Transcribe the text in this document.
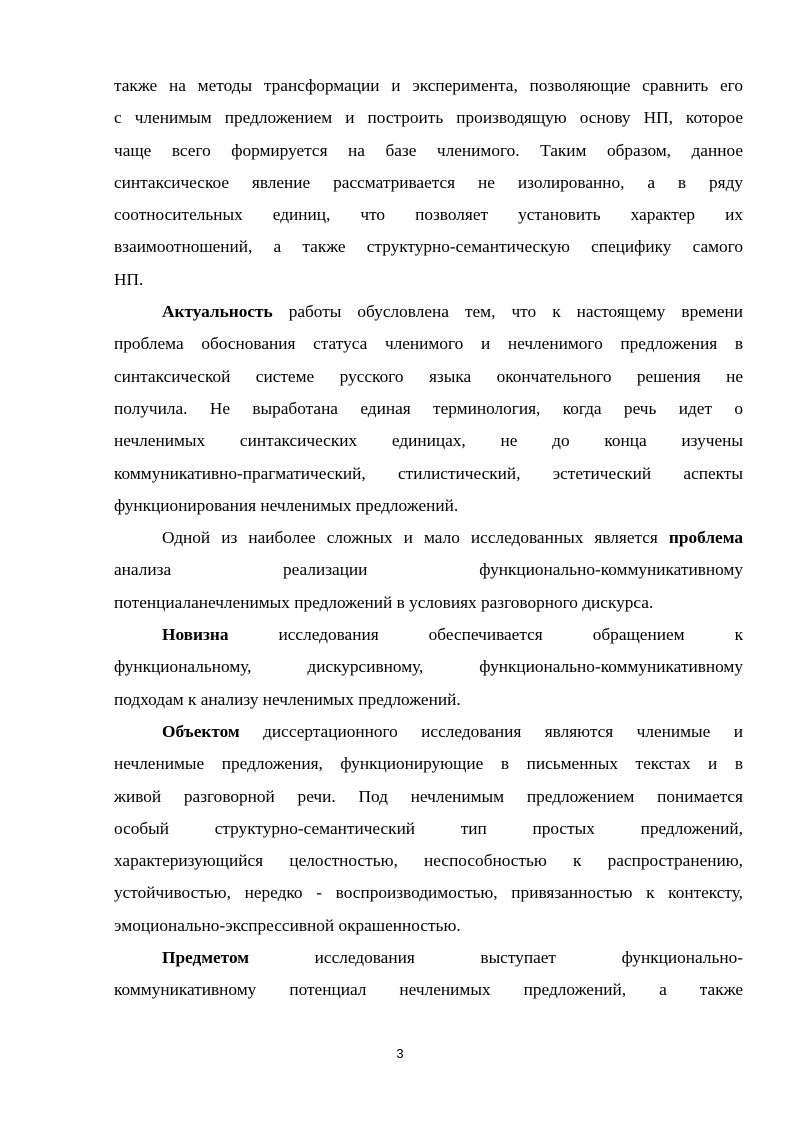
также на методы трансформации и эксперимента, позволяющие сравнить его
с членимым предложением и построить производящую основу НП, которое
чаще всего формируется на базе членимого. Таким образом, данное
синтаксическое явление рассматривается не изолированно, а в ряду
соотносительных единиц, что позволяет установить характер их
взаимоотношений, а также структурно-семантическую специфику самого
НП.
Актуальность работы обусловлена тем, что к настоящему времени
проблема обоснования статуса членимого и нечленимого предложения в
синтаксической системе русского языка окончательного решения не
получила. Не выработана единая терминология, когда речь идет о
нечленимых синтаксических единицах, не до конца изучены
коммуникативно-прагматический, стилистический, эстетический аспекты
функционирования нечленимых предложений.
Одной из наиболее сложных и мало исследованных является проблема
анализа реализации функционально-коммуникативному
потенциаланечленимых предложений в условиях разговорного дискурса.
Новизна исследования обеспечивается обращением к
функциональному, дискурсивному, функционально-коммуникативному
подходам к анализу нечленимых предложений.
Объектом диссертационного исследования являются членимые и
нечленимые предложения, функционирующие в письменных текстах и в
живой разговорной речи. Под нечленимым предложением понимается
особый структурно-семантический тип простых предложений,
характеризующийся целостностью, неспособностью к распространению,
устойчивостью, нередко - воспроизводимостью, привязанностью к контексту,
эмоционально-экспрессивной окрашенностью.
Предметом исследования выступает функционально-
коммуникативному потенциал нечленимых предложений, а также
3
